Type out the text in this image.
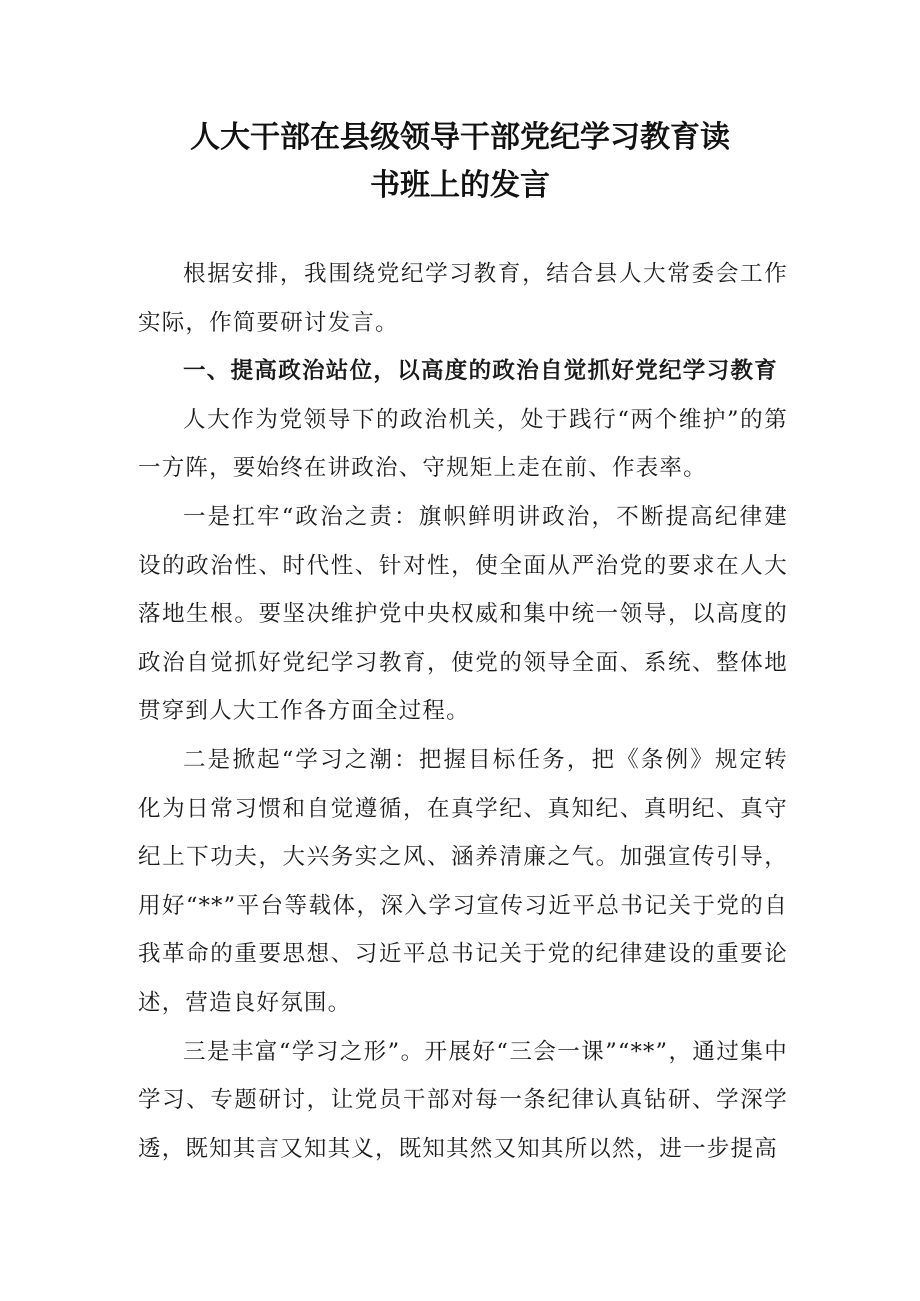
人大干部在县级领导干部党纪学习教育读
书班上的发言

根据安排，我围绕党纪学习教育，结合县人大常委会工作实际，作简要研讨发言。

一、提高政治站位，以高度的政治自觉抓好党纪学习教育

人大作为党领导下的政治机关，处于践行“两个维护”的第一方阵，要始终在讲政治、守规矩上走在前、作表率。

一是扛牢“政治之责：旗帜鲜明讲政治，不断提高纪律建设的政治性、时代性、针对性，使全面从严治党的要求在人大落地生根。要坚决维护党中央权威和集中统一领导，以高度的政治自觉抓好党纪学习教育，使党的领导全面、系统、整体地贯穿到人大工作各方面全过程。

二是掀起“学习之潮：把握目标任务，把《条例》规定转化为日常习惯和自觉遵循，在真学纪、真知纪、真明纪、真守纪上下功夫，大兴务实之风、涵养清廉之气。加强宣传引导，用好“**”平台等载体，深入学习宣传习近平总书记关于党的自我革命的重要思想、习近平总书记关于党的纪律建设的重要论述，营造良好氛围。

三是丰富“学习之形”。开展好“三会一课”“**”，通过集中学习、专题研讨，让党员干部对每一条纪律认真钻研、学深学透，既知其言又知其义，既知其然又知其所以然，进一步提高
